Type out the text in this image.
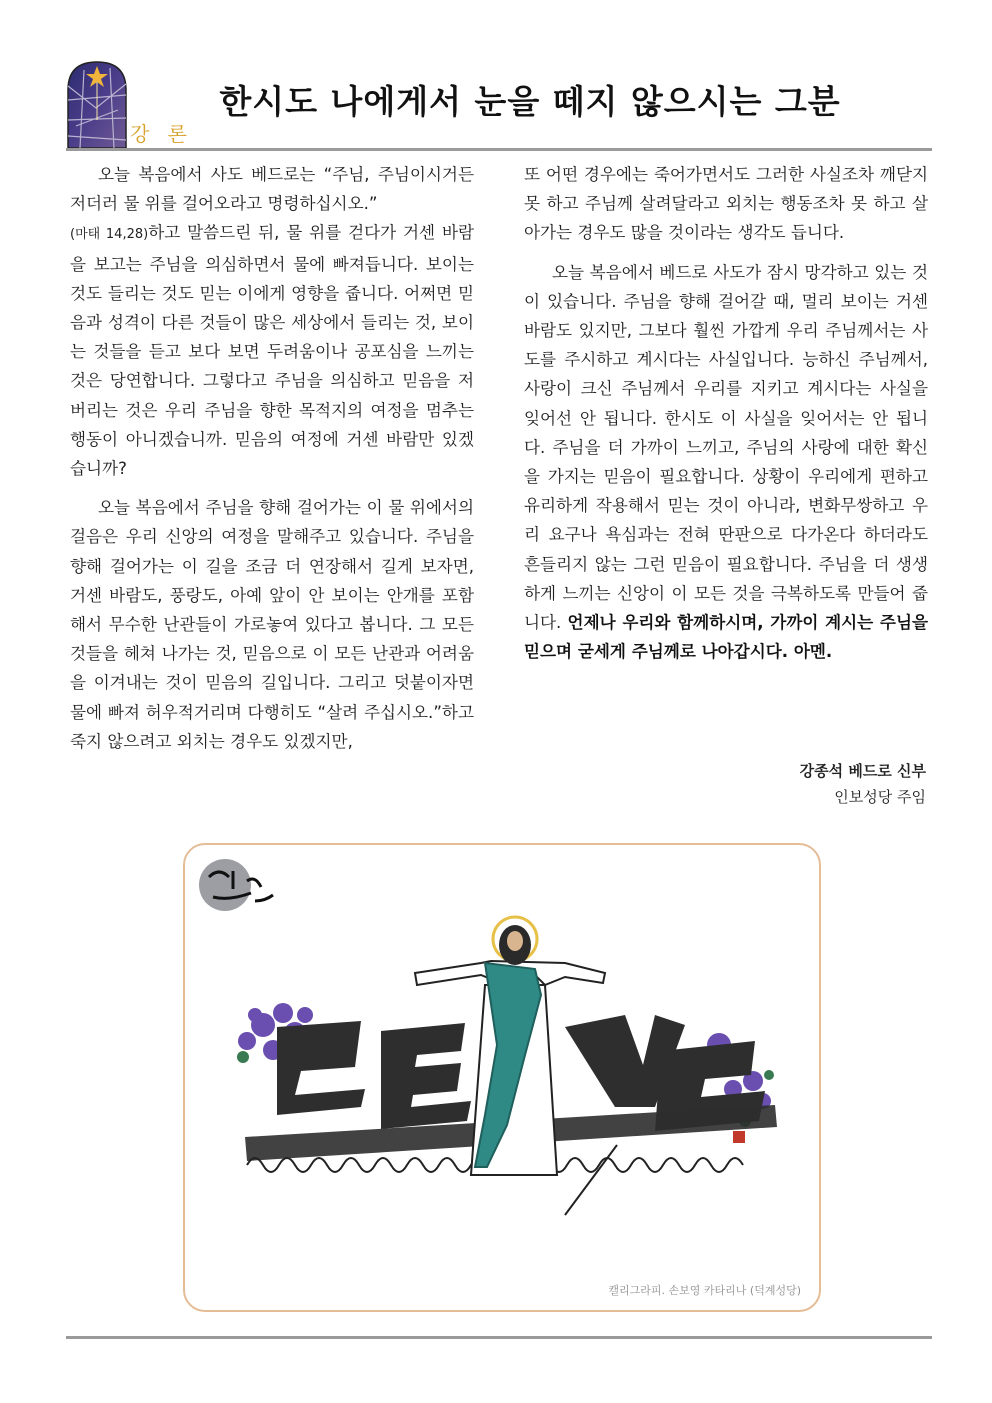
강 론
한시도 나에게서 눈을 떼지 않으시는 그분

오늘 복음에서 사도 베드로는 “주님, 주님이시거든 저더러 물 위를 걸어오라고 명령하십시오.”
(마태 14,28)하고 말씀드린 뒤, 물 위를 걷다가 거센 바람을 보고는 주님을 의심하면서 물에 빠져듭니다. 보이는 것도 들리는 것도 믿는 이에게 영향을 줍니다. 어쩌면 믿음과 성격이 다른 것들이 많은 세상에서 들리는 것, 보이는 것들을 듣고 보다 보면 두려움이나 공포심을 느끼는 것은 당연합니다. 그렇다고 주님을 의심하고 믿음을 저버리는 것은 우리 주님을 향한 목적지의 여정을 멈추는 행동이 아니겠습니까. 믿음의 여정에 거센 바람만 있겠습니까?

오늘 복음에서 주님을 향해 걸어가는 이 물 위에서의 걸음은 우리 신앙의 여정을 말해주고 있습니다. 주님을 향해 걸어가는 이 길을 조금 더 연장해서 길게 보자면, 거센 바람도, 풍랑도, 아예 앞이 안 보이는 안개를 포함해서 무수한 난관들이 가로놓여 있다고 봅니다. 그 모든 것들을 헤쳐 나가는 것, 믿음으로 이 모든 난관과 어려움을 이겨내는 것이 믿음의 길입니다. 그리고 덧붙이자면 물에 빠져 허우적거리며 다행히도 “살려 주십시오.”하고 죽지 않으려고 외치는 경우도 있겠지만,

또 어떤 경우에는 죽어가면서도 그러한 사실조차 깨닫지 못 하고 주님께 살려달라고 외치는 행동조차 못 하고 살아가는 경우도 많을 것이라는 생각도 듭니다.

오늘 복음에서 베드로 사도가 잠시 망각하고 있는 것이 있습니다. 주님을 향해 걸어갈 때, 멀리 보이는 거센 바람도 있지만, 그보다 훨씬 가깝게 우리 주님께서는 사도를 주시하고 계시다는 사실입니다. 능하신 주님께서, 사랑이 크신 주님께서 우리를 지키고 계시다는 사실을 잊어선 안 됩니다. 한시도 이 사실을 잊어서는 안 됩니다. 주님을 더 가까이 느끼고, 주님의 사랑에 대한 확신을 가지는 믿음이 필요합니다. 상황이 우리에게 편하고 유리하게 작용해서 믿는 것이 아니라, 변화무쌍하고 우리 요구나 욕심과는 전혀 딴판으로 다가온다 하더라도 흔들리지 않는 그런 믿음이 필요합니다. 주님을 더 생생하게 느끼는 신앙이 이 모든 것을 극복하도록 만들어 줍니다. 언제나 우리와 함께하시며, 가까이 계시는 주님을 믿으며 굳세게 주님께로 나아갑시다. 아멘.

강종석 베드로 신부
인보성당 주임
캘리그라피. 손보영 카타리나 (덕계성당)
